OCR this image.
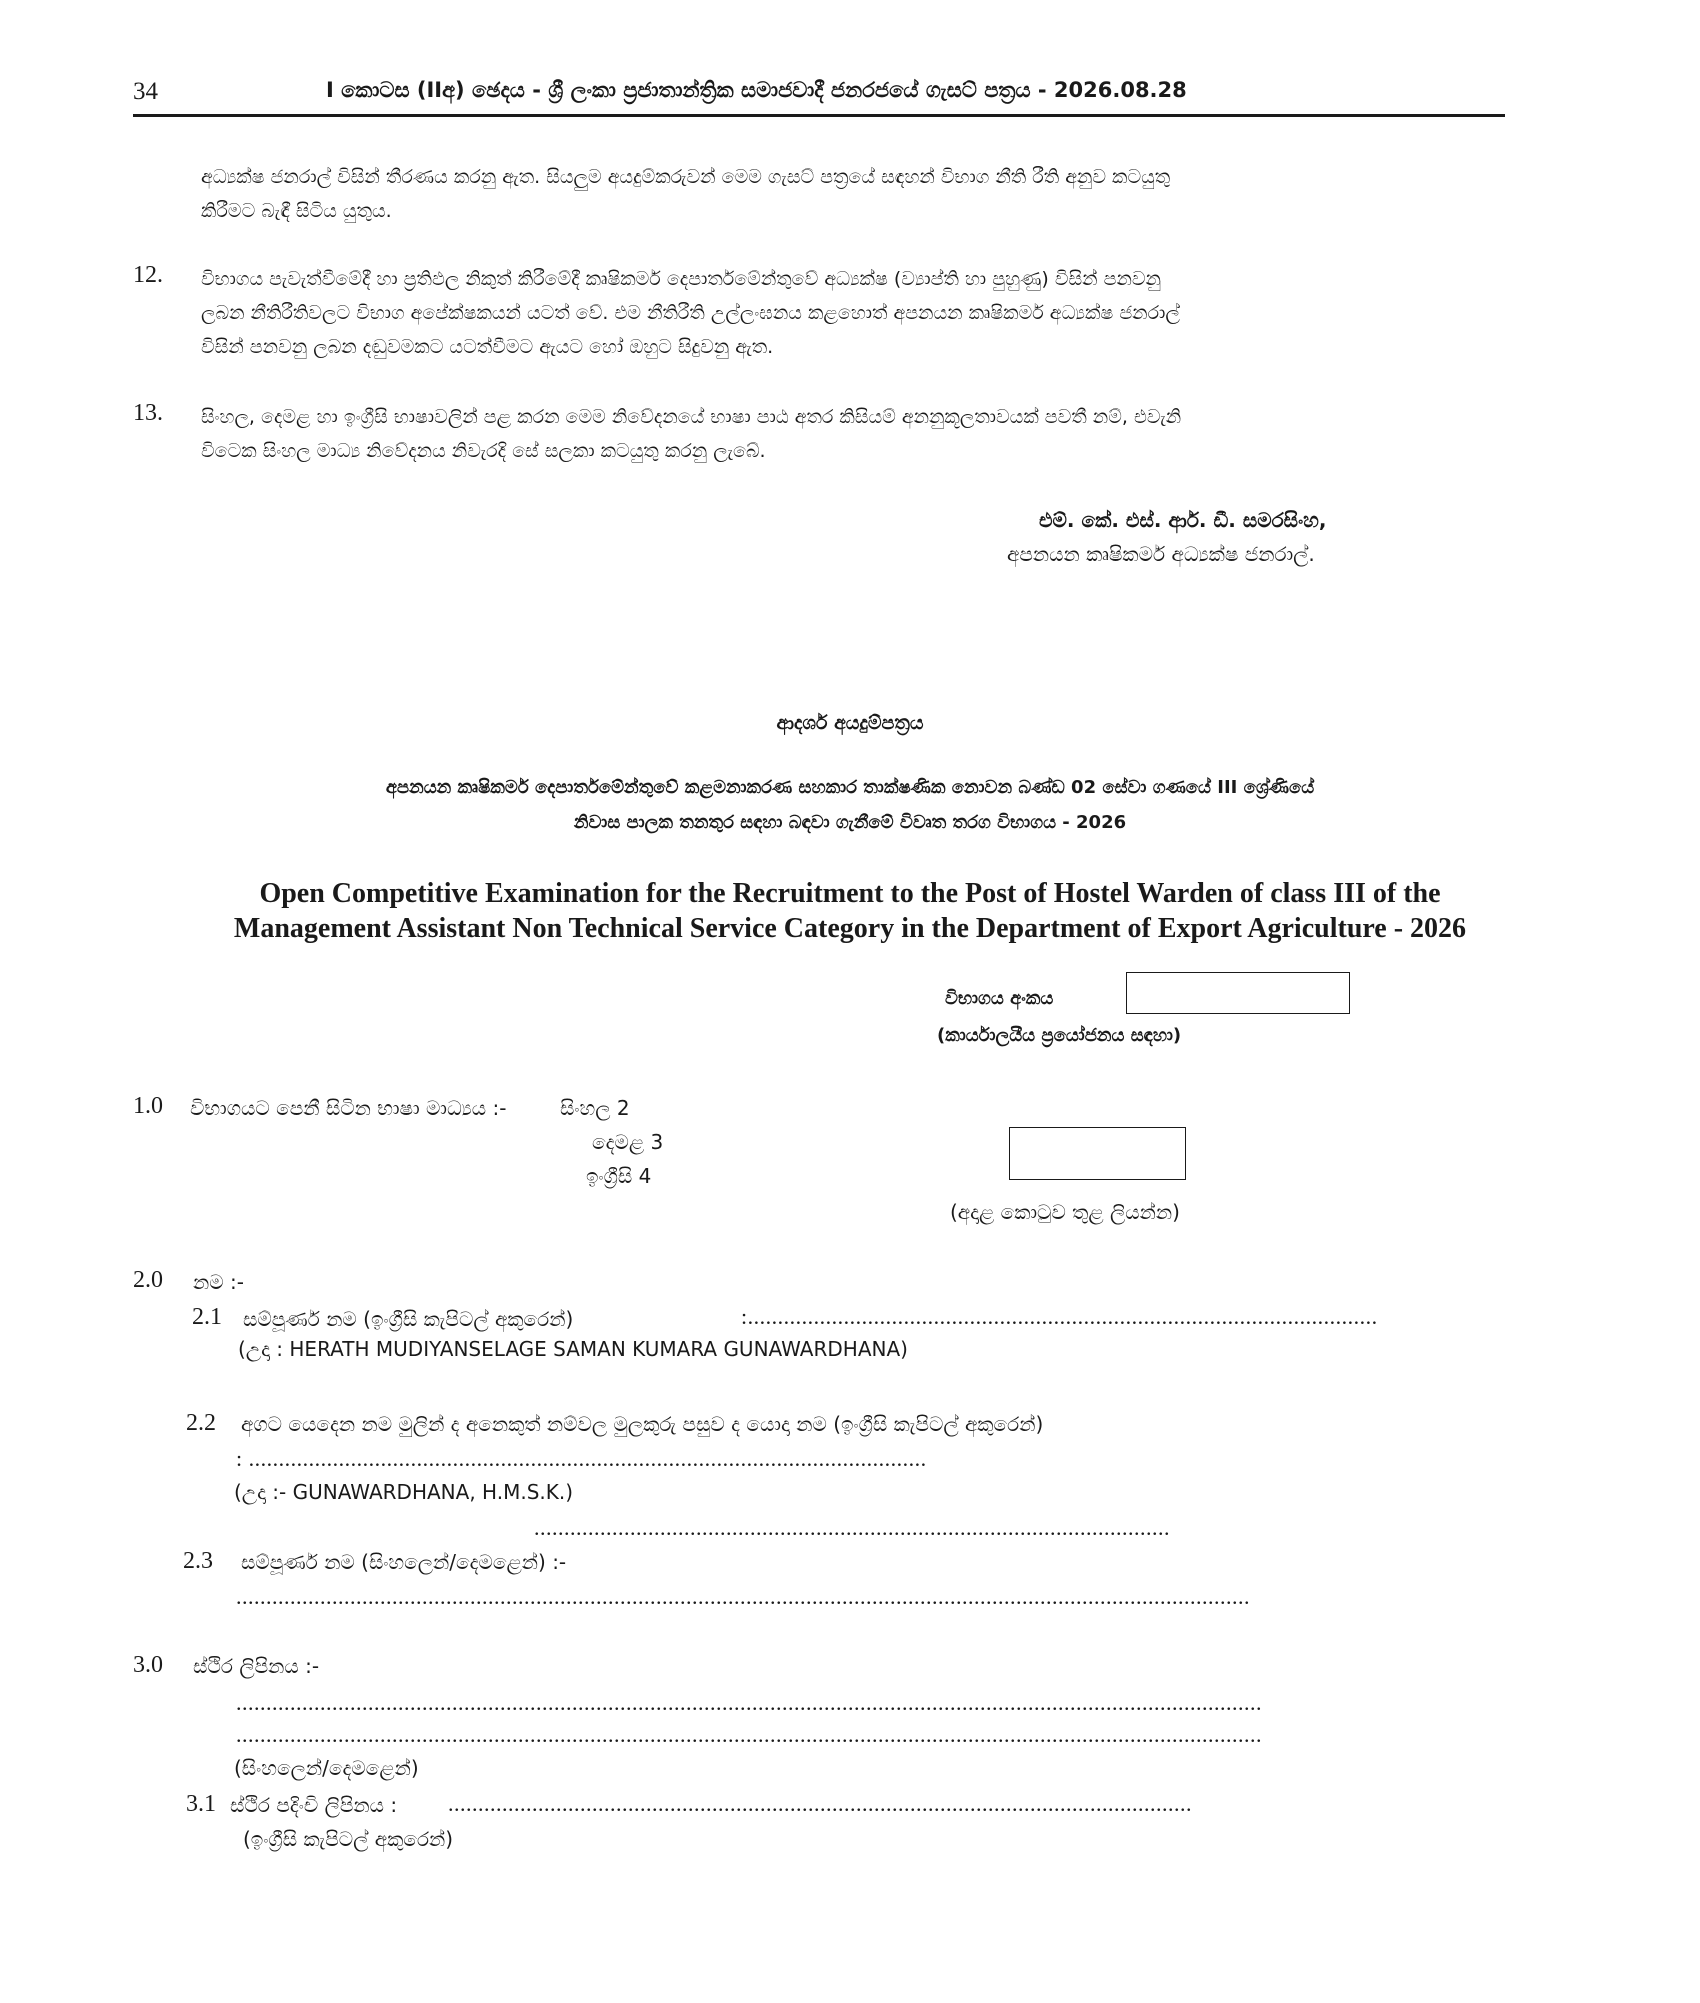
34	I කොටස (IIඅ) ඡෙදය - ශ්‍රී ලංකා ප්‍රජාතාන්ත්‍රික සමාජවාදී ජනරජයේ ගැසට් පත්‍රය - 2026.08.28
අධ්‍යක්ෂ ජනරාල් විසින් තීරණය කරනු ඇත. සියලුම අයදුම්කරුවන් මෙම ගැසට් පත්‍රයේ සඳහන් විභාග නීති රීති අනුව කටයුතු
කිරීමට බැඳී සිටිය යුතුය.
12. විභාගය පැවැත්වීමේදී හා ප්‍රතිඵල නිකුත් කිරීමේදී කෘෂිකර්ම දෙපාර්තමේන්තුවේ අධ්‍යක්ෂ (ව්‍යාප්ති හා පුහුණු) විසින් පනවනු
ලබන නීතිරීතිවලට විභාග අපේක්ෂකයන් යටත් වේ. එම නීතිරීති උල්ලංඝනය කළහොත් අපනයන කෘෂිකර්ම අධ්‍යක්ෂ ජනරාල්
විසින් පනවනු ලබන දඬුවමකට යටත්වීමට ඇයට හෝ ඔහුට සිදුවනු ඇත.
13. සිංහල, දෙමළ හා ඉංග්‍රීසි භාෂාවලින් පළ කරන මෙම නිවේදනයේ භාෂා පාඨ අතර කිසියම් අනනුකූලතාවයක් පවතී නම්, එවැනි
විටෙක සිංහල මාධ්‍ය නිවේදනය නිවැරදි සේ සලකා කටයුතු කරනු ලැබේ.
එම්. කේ. එස්. ආර්. ඩී. සමරසිංහ,
අපනයන කෘෂිකර්ම අධ්‍යක්ෂ ජනරාල්.
ආදර්ශ අයදුම්පත්‍රය
අපනයන කෘෂිකර්ම දෙපාර්තමේන්තුවේ කළමනාකරණ සහකාර තාක්ෂණික නොවන බණ්ඩ 02 සේවා ගණයේ III ශ්‍රේණියේ
නිවාස පාලක තනතුර සඳහා බඳවා ගැනීමේ විවෘත තරග විභාගය - 2026
Open Competitive Examination for the Recruitment to the Post of Hostel Warden of class III of the
Management Assistant Non Technical Service Category in the Department of Export Agriculture - 2026
විභාගය අංකය
(කාර්යාලයීය ප්‍රයෝජනය සඳහා)
1.0 විභාගයට පෙනී සිටින භාෂා මාධ්‍යය :-	සිංහල 2
දෙමළ 3
ඉංග්‍රීසි 4
(අදාළ කොටුව තුළ ලියන්න)
2.0 නම :-
2.1 සම්පූර්ණ නම (ඉංග්‍රීසි කැපිටල් අකුරෙන්)	:.........................................................................................................
(උදා : HERATH MUDIYANSELAGE SAMAN KUMARA GUNAWARDHANA)
2.2 අගට යෙදෙන නම මුලින් ද අනෙකුත් නම්වල මුලකුරු පසුව ද යොදා නම (ඉංග්‍රීසි කැපිටල් අකුරෙන්)
: .................................................................................................................
(උදා :- GUNAWARDHANA, H.M.S.K.)
..........................................................................................................
2.3 සම්පූර්ණ නම (සිංහලෙන්/දෙමළෙන්) :-
.........................................................................................................................................................................
3.0 ස්ථිර ලිපිනය :-
...........................................................................................................................................................................
...........................................................................................................................................................................
(සිංහලෙන්/දෙමළෙන්)
3.1 ස්ථිර පදිංචි ලිපිනය : ............................................................................................................................
(ඉංග්‍රීසි කැපිටල් අකුරෙන්)
